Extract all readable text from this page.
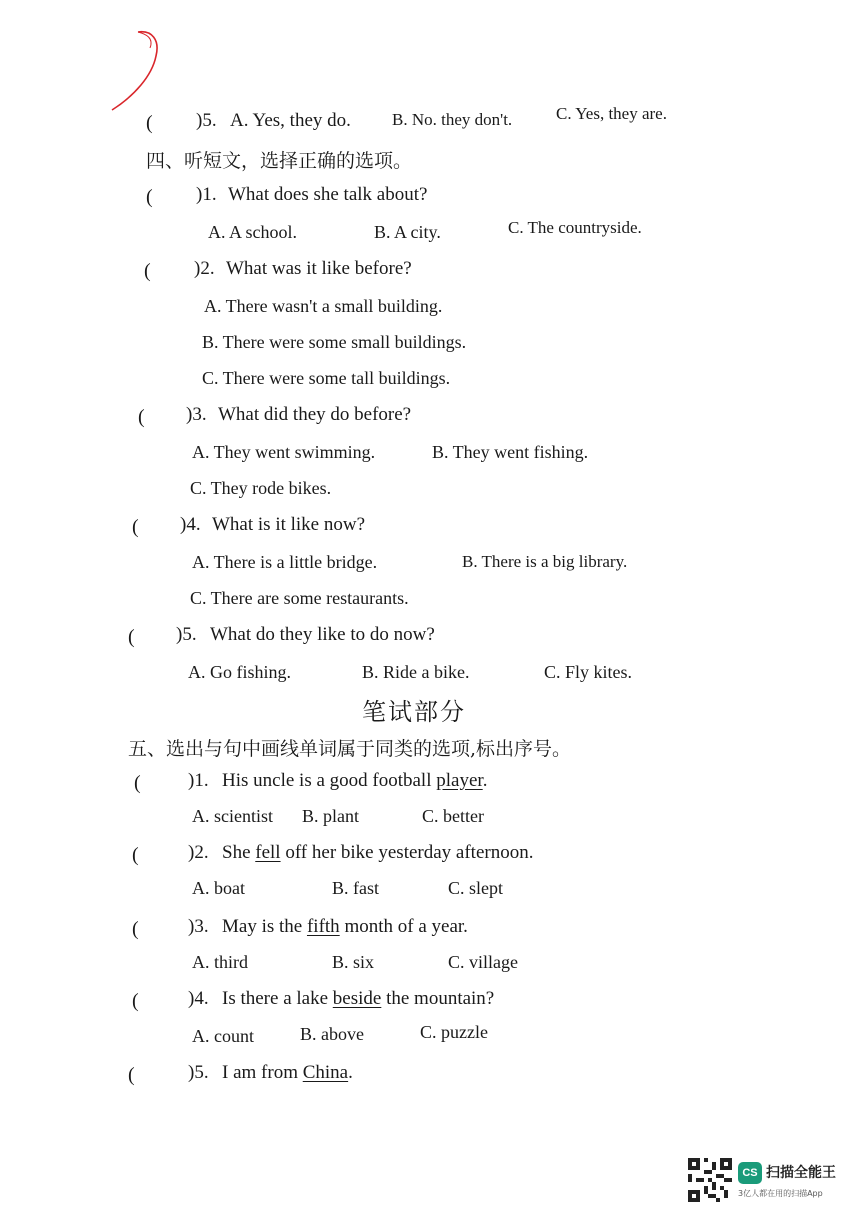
( )5. A. Yes, they do. B. No. they don't.	C. Yes, they are.
四、听短文，选择正确的选项。
( )1. What does she talk about?
A. A school.	B. A city.	C. The countryside.
( )2. What was it like before?
A. There wasn't a small building.
B. There were some small buildings.
C. There were some tall buildings.
( )3. What did they do before?
A. They went swimming.	B. They went fishing.
C. They rode bikes.
( )4. What is it like now?
A. There is a little bridge.	B. There is a big library.
C. There are some restaurants.
( )5. What do they like to do now?
A. Go fishing.	B. Ride a bike.	C. Fly kites.
笔试部分
五、选出与句中画线单词属于同类的选项,标出序号。
( )1. His uncle is a good football player.
A. scientist B. plant	C. better
(	)2. She fell off her bike yesterday afternoon.
A. boat	B. fast	C. slept
(	)3. May is the fifth month of a year.
A. third	B. six	C. village
(	)4. Is there a lake beside the mountain?
A. count	B. above	C. puzzle
(	)5. I am from China.
CS 扫描全能王
3亿人都在用的扫描App
